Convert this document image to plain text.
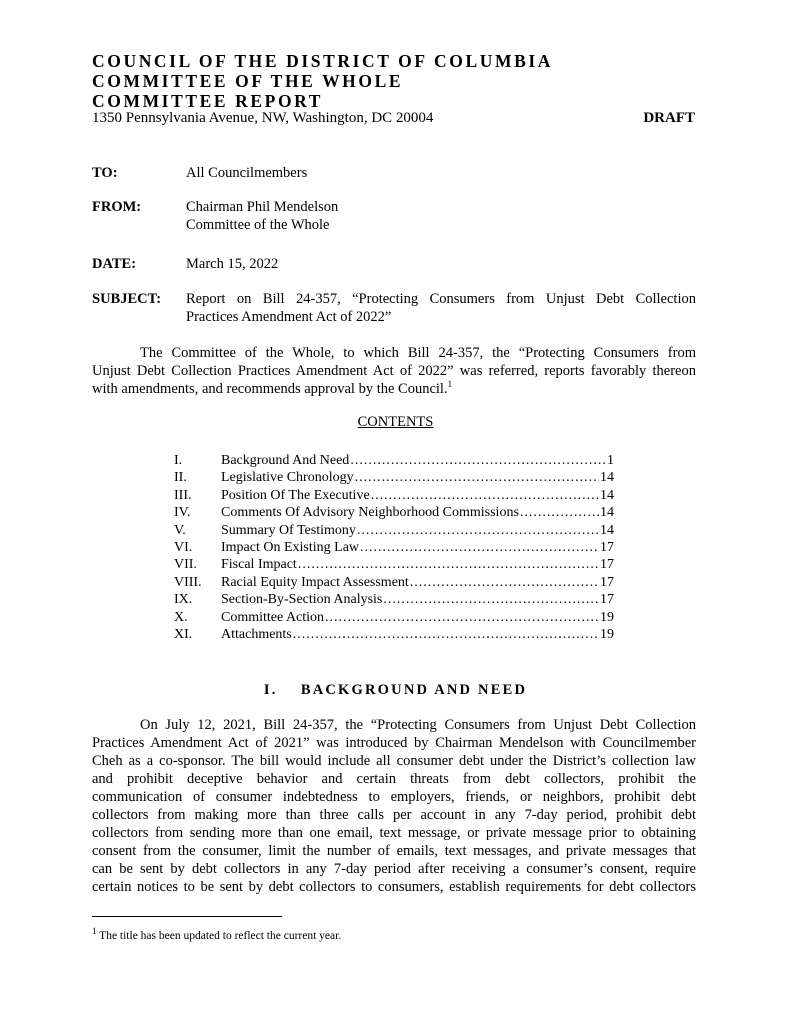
COUNCIL OF THE DISTRICT OF COLUMBIA
COMMITTEE OF THE WHOLE
COMMITTEE REPORT
1350 Pennsylvania Avenue, NW, Washington, DC 20004	DRAFT
TO:	All Councilmembers
FROM:	Chairman Phil Mendelson
Committee of the Whole
DATE:	March 15, 2022
SUBJECT: Report on Bill 24-357, “Protecting Consumers from Unjust Debt Collection
Practices Amendment Act of 2022”
The Committee of the Whole, to which Bill 24-357, the “Protecting Consumers from
Unjust Debt Collection Practices Amendment Act of 2022” was referred, reports favorably thereon
with amendments, and recommends approval by the Council.$^1$
CONTENTS
I.	Background And Need .....	1
II. Legislative Chronology .....	14
III. Position Of The Executive .....	14
IV. Comments Of Advisory Neighborhood Commissions .....	14
V.	Summary Of Testimony .....	14
VI. Impact On Existing Law .....	17
VII. Fiscal Impact .....	17
VIII. Racial Equity Impact Assessment .....	17
IX. Section-By-Section Analysis .....	17
X. Committee Action .....	19
XI. Attachments .....	19
I.    BACKGROUND AND NEED
On July 12, 2021, Bill 24-357, the “Protecting Consumers from Unjust Debt Collection
Practices Amendment Act of 2021” was introduced by Chairman Mendelson with Councilmember
Cheh as a co-sponsor. The bill would include all consumer debt under the District’s collection law
and prohibit deceptive behavior and certain threats from debt collectors, prohibit the
communication of consumer indebtedness to employers, friends, or neighbors, prohibit debt
collectors from making more than three calls per account in any 7-day period, prohibit debt
collectors from sending more than one email, text message, or private message prior to obtaining
consent from the consumer, limit the number of emails, text messages, and private messages that
can be sent by debt collectors in any 7-day period after receiving a consumer’s consent, require
certain notices to be sent by debt collectors to consumers, establish requirements for debt collectors
$^1$ The title has been updated to reflect the current year.
